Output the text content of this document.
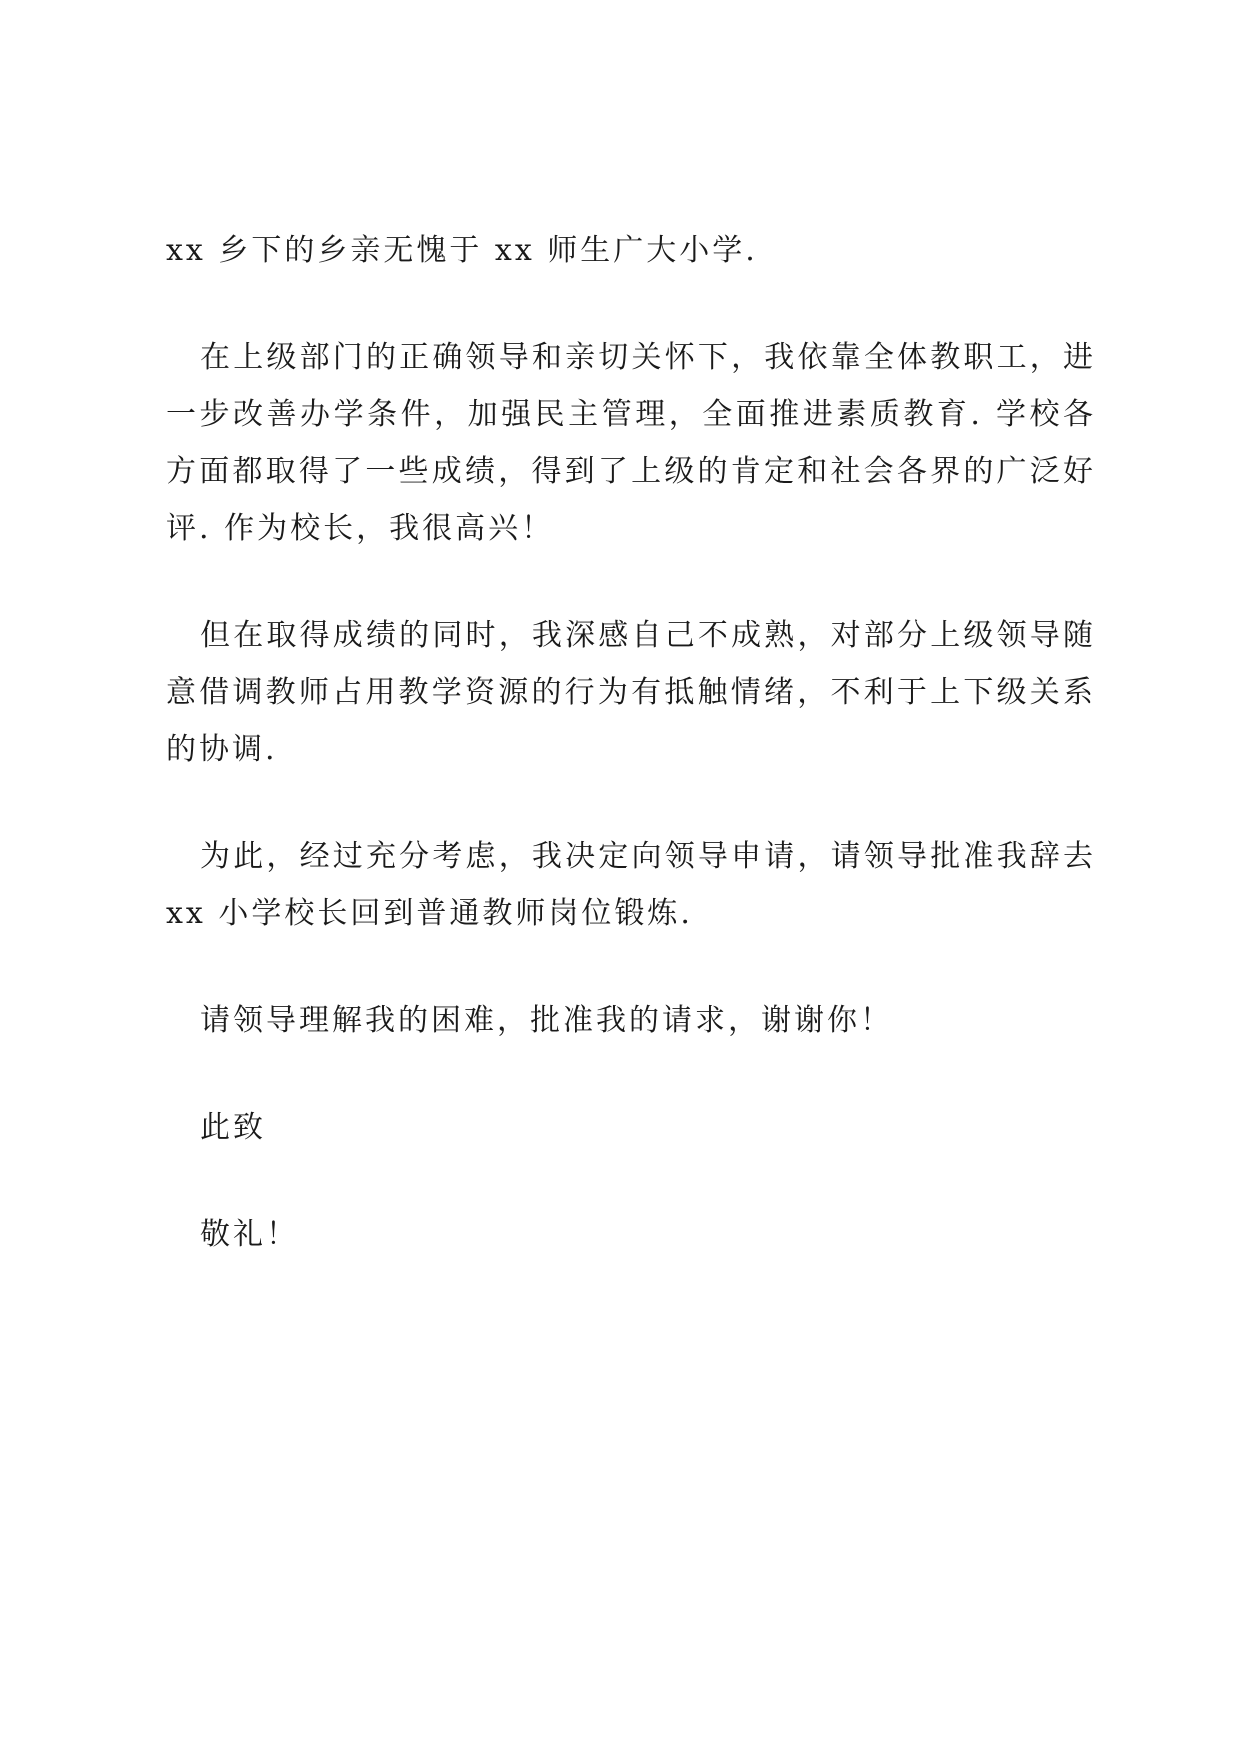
xx 乡下的乡亲无愧于 xx 师生广大小学.

在上级部门的正确领导和亲切关怀下，我依靠全体教职工，进一步改善办学条件，加强民主管理，全面推进素质教育. 学校各方面都取得了一些成绩，得到了上级的肯定和社会各界的广泛好评. 作为校长，我很高兴！

但在取得成绩的同时，我深感自己不成熟，对部分上级领导随意借调教师占用教学资源的行为有抵触情绪，不利于上下级关系的协调.

为此，经过充分考虑，我决定向领导申请，请领导批准我辞去 xx 小学校长回到普通教师岗位锻炼.

请领导理解我的困难，批准我的请求，谢谢你！

此致

敬礼！
